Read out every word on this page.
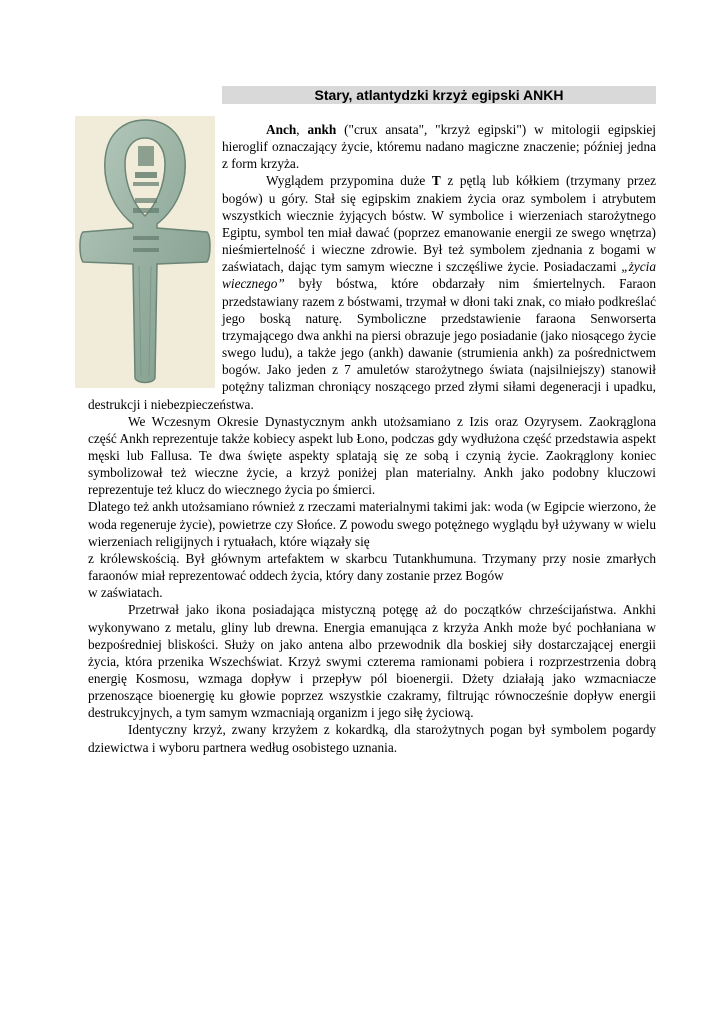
Stary, atlantydzki krzyż egipski ANKH

Anch, ankh ("crux ansata", "krzyż egipski") w mitologii egipskiej hieroglif oznaczający życie, któremu nadano magiczne znaczenie; później jedna z form krzyża.

Wyglądem przypomina duże T z pętlą lub kółkiem (trzymany przez bogów) u góry. Stał się egipskim znakiem życia oraz symbolem i atrybutem wszystkich wiecznie żyjących bóstw. W symbolice i wierzeniach starożytnego Egiptu, symbol ten miał dawać (poprzez emanowanie energii ze swego wnętrza) nieśmiertelność i wieczne zdrowie. Był też symbolem zjednania z bogami w zaświatach, dając tym samym wieczne i szczęśliwe życie. Posiadaczami „życia wiecznego” były bóstwa, które obdarzały nim śmiertelnych. Faraon przedstawiany razem z bóstwami, trzymał w dłoni taki znak, co miało podkreślać jego boską naturę. Symboliczne przedstawienie faraona Senworserta trzymającego dwa ankhi na piersi obrazuje jego posiadanie (jako niosącego życie swego ludu), a także jego (ankh) dawanie (strumienia ankh) za pośrednictwem bogów. Jako jeden z 7 amuletów starożytnego świata (najsilniejszy) stanowił potężny talizman chroniący noszącego przed złymi siłami degeneracji i upadku, destrukcji i niebezpieczeństwa.

We Wczesnym Okresie Dynastycznym ankh utożsamiano z Izis oraz Ozyrysem. Zaokrąglona część Ankh reprezentuje także kobiecy aspekt lub Łono, podczas gdy wydłużona część przedstawia aspekt męski lub Fallusa. Te dwa święte aspekty splatają się ze sobą i czynią życie. Zaokrąglony koniec symbolizował też wieczne życie, a krzyż poniżej plan materialny. Ankh jako podobny kluczowi reprezentuje też klucz do wiecznego życia po śmierci.

Dlatego też ankh utożsamiano również z rzeczami materialnymi takimi jak: woda (w Egipcie wierzono, że woda regeneruje życie), powietrze czy Słońce. Z powodu swego potężnego wyglądu był używany w wielu wierzeniach religijnych i rytuałach, które wiązały się

z królewskością. Był głównym artefaktem w skarbcu Tutankhumuna. Trzymany przy nosie zmarłych faraonów miał reprezentować oddech życia, który dany zostanie przez Bogów

w zaświatach.

Przetrwał jako ikona posiadająca mistyczną potęgę aż do początków chrześcijaństwa. Ankhi wykonywano z metalu, gliny lub drewna. Energia emanująca z krzyża Ankh może być pochłaniana w bezpośredniej bliskości. Służy on jako antena albo przewodnik dla boskiej siły dostarczającej energii życia, która przenika Wszechświat. Krzyż swymi czterema ramionami pobiera i rozprzestrzenia dobrą energię Kosmosu, wzmaga dopływ i przepływ pól bioenergii. Dżety działają jako wzmacniacze przenoszące bioenergię ku głowie poprzez wszystkie czakramy, filtrując równocześnie dopływ energii destrukcyjnych, a tym samym wzmacniają organizm i jego siłę życiową.

Identyczny krzyż, zwany krzyżem z kokardką, dla starożytnych pogan był symbolem pogardy dziewictwa i wyboru partnera według osobistego uznania.
